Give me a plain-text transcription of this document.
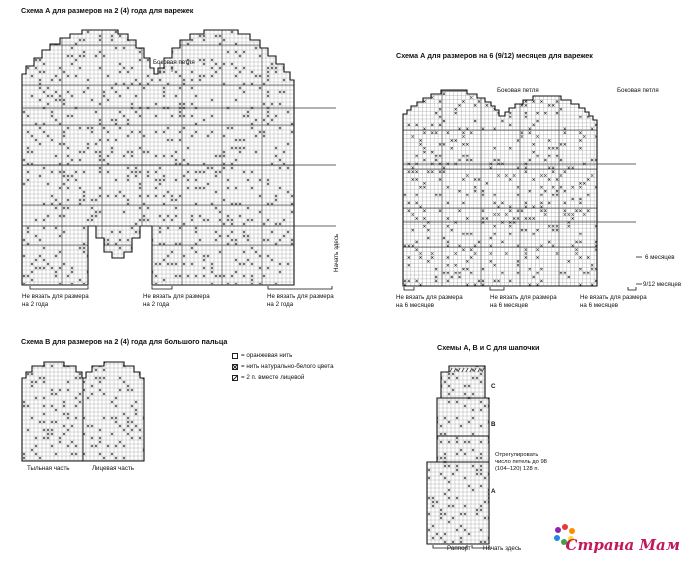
Схема А для размеров на 2 (4) года для варежек
Боковая петля
Начать здесь
Не вязать для размера
на 2 года
Не вязать для размера
на 2 года
Не вязать для размера
на 2 года
Схема А для размеров на 6 (9/12) месяцев для варежек
Боковая петля	Боковая петля
6 месяцев
9/12 месяцев
Не вязать для размера
на 6 месяцев
Не вязать для размера
на 6 месяцев
Не вязать для размера
на 6 месяцев
Схема В для размеров на 2 (4) года для большого пальца
Тыльная часть	Лицевая часть
= оранжевая нить
= нить натурально-белого цвета
= 2 п. вместе лицевой
Схемы А, В и С для шапочки
C
B
A
Отрегулировать
число петель до 98
(104–120) 128 п.
Раппорт Начать здесь	Страна Мам
